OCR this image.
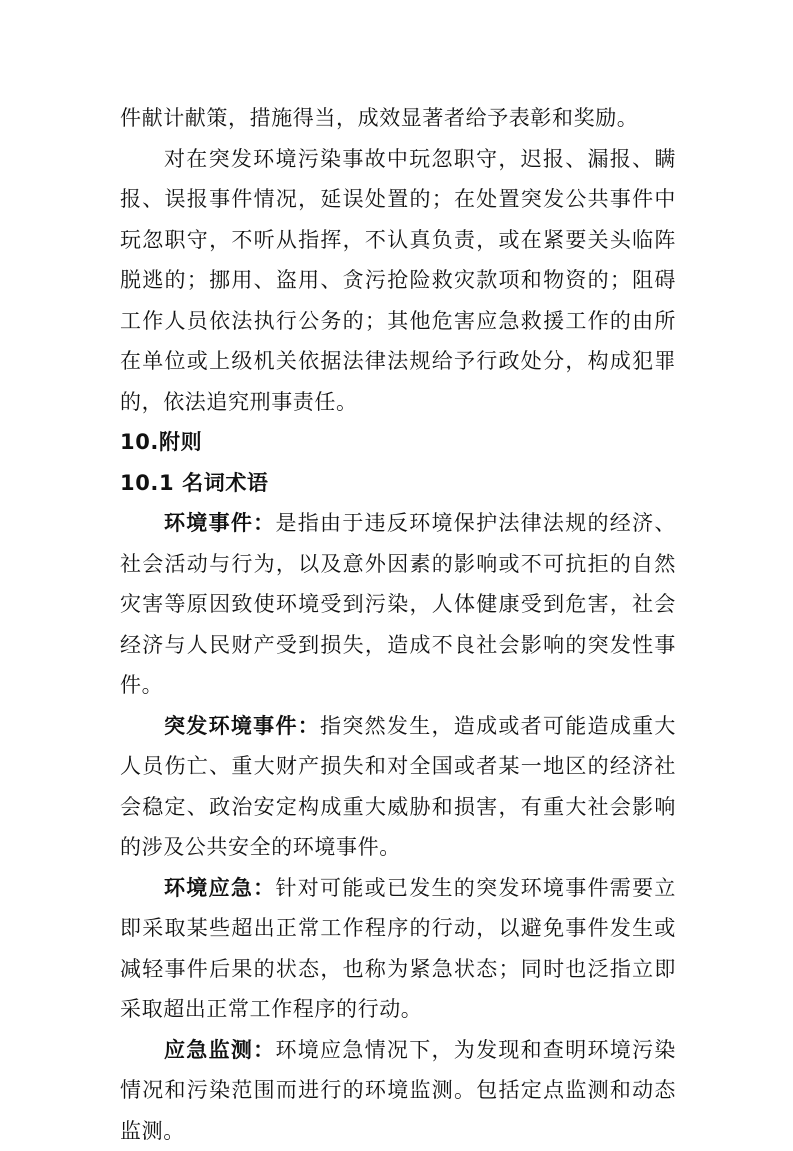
件献计献策，措施得当，成效显著者给予表彰和奖励。

对在突发环境污染事故中玩忽职守，迟报、漏报、瞒报、误报事件情况，延误处置的；在处置突发公共事件中玩忽职守，不听从指挥，不认真负责，或在紧要关头临阵脱逃的；挪用、盗用、贪污抢险救灾款项和物资的；阻碍工作人员依法执行公务的；其他危害应急救援工作的由所在单位或上级机关依据法律法规给予行政处分，构成犯罪的，依法追究刑事责任。

10.附则

10.1 名词术语

环境事件：是指由于违反环境保护法律法规的经济、社会活动与行为，以及意外因素的影响或不可抗拒的自然灾害等原因致使环境受到污染，人体健康受到危害，社会经济与人民财产受到损失，造成不良社会影响的突发性事件。

突发环境事件：指突然发生，造成或者可能造成重大人员伤亡、重大财产损失和对全国或者某一地区的经济社会稳定、政治安定构成重大威胁和损害，有重大社会影响的涉及公共安全的环境事件。

环境应急：针对可能或已发生的突发环境事件需要立即采取某些超出正常工作程序的行动，以避免事件发生或减轻事件后果的状态，也称为紧急状态；同时也泛指立即采取超出正常工作程序的行动。

应急监测：环境应急情况下，为发现和查明环境污染情况和污染范围而进行的环境监测。包括定点监测和动态监测。
